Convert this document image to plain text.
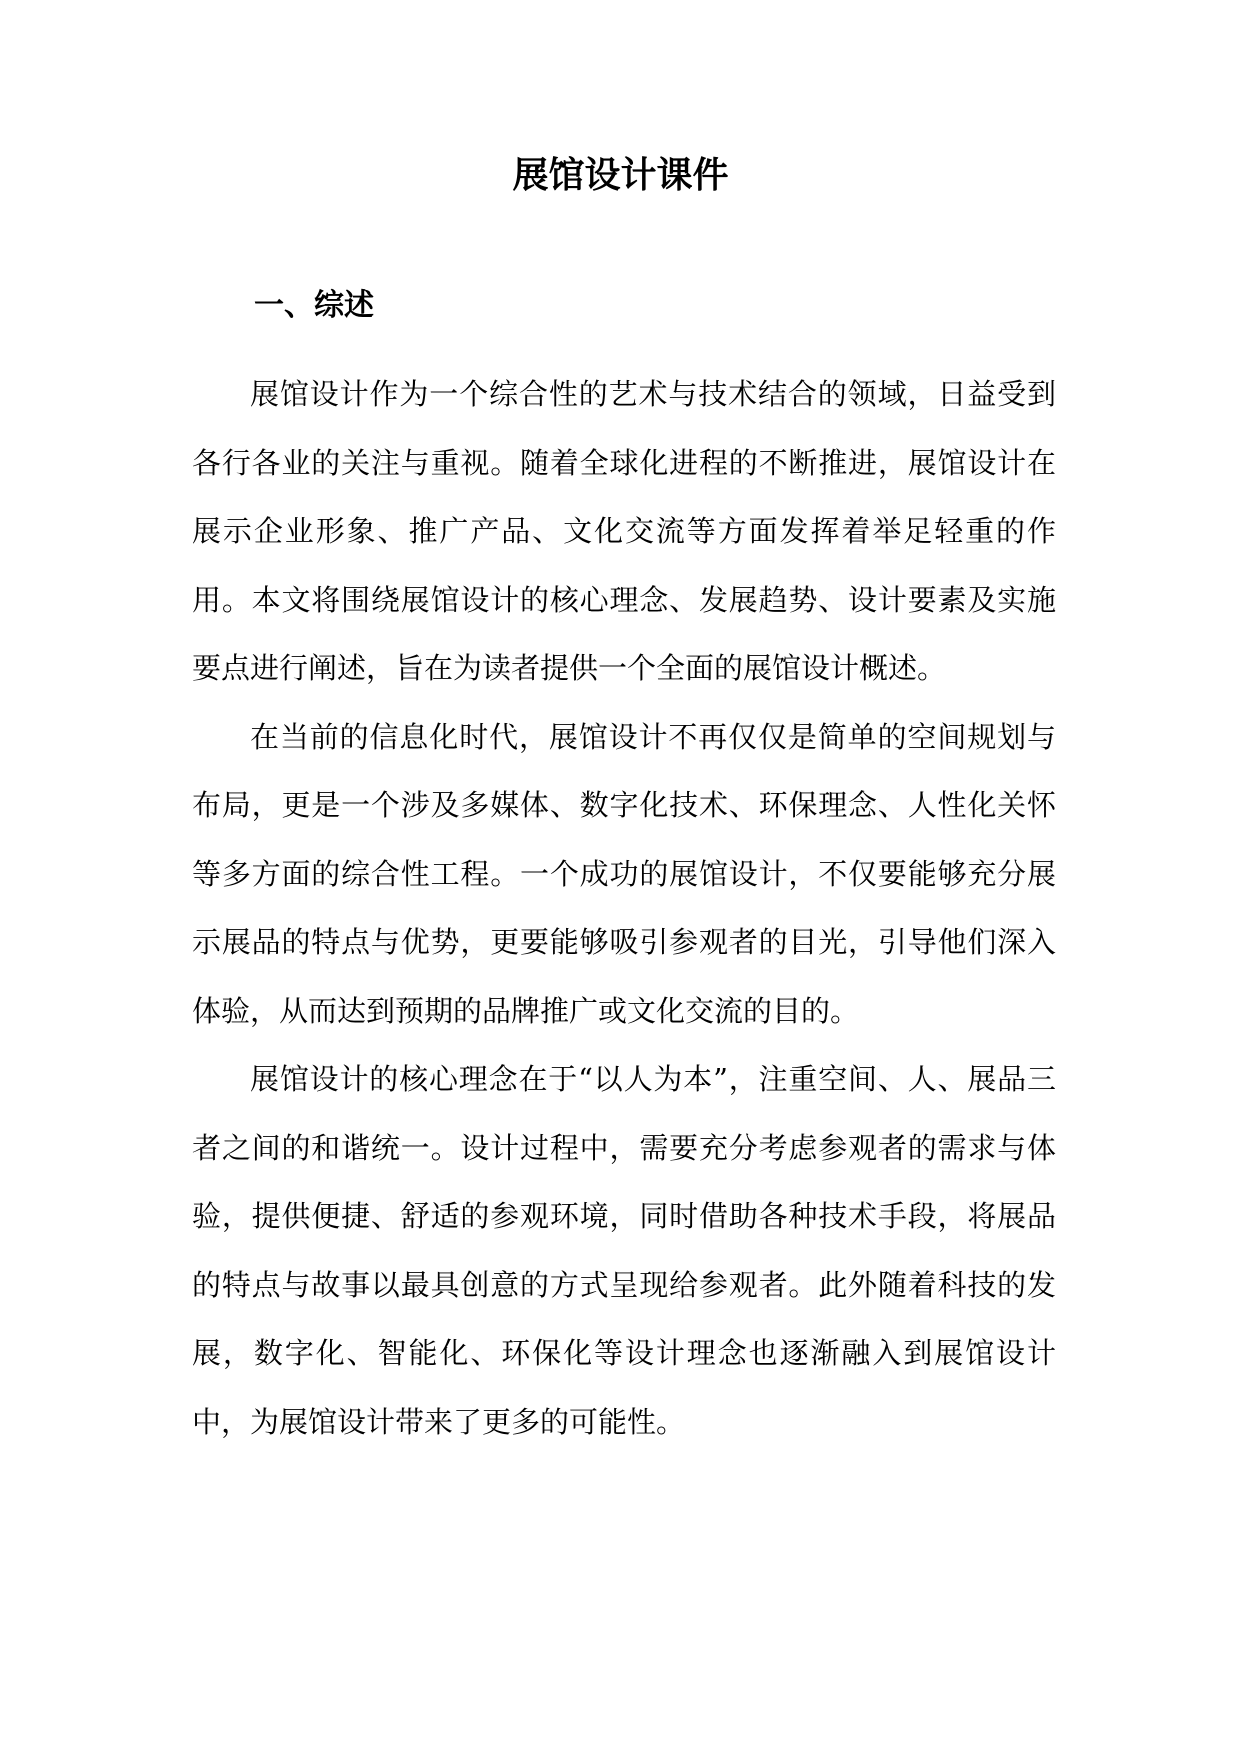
展馆设计课件
一、综述

展馆设计作为一个综合性的艺术与技术结合的领域，日益受到各行各业的关注与重视。随着全球化进程的不断推进，展馆设计在展示企业形象、推广产品、文化交流等方面发挥着举足轻重的作用。本文将围绕展馆设计的核心理念、发展趋势、设计要素及实施要点进行阐述，旨在为读者提供一个全面的展馆设计概述。

在当前的信息化时代，展馆设计不再仅仅是简单的空间规划与布局，更是一个涉及多媒体、数字化技术、环保理念、人性化关怀等多方面的综合性工程。一个成功的展馆设计，不仅要能够充分展示展品的特点与优势，更要能够吸引参观者的目光，引导他们深入体验，从而达到预期的品牌推广或文化交流的目的。

展馆设计的核心理念在于“以人为本”，注重空间、人、展品三者之间的和谐统一。设计过程中，需要充分考虑参观者的需求与体验，提供便捷、舒适的参观环境，同时借助各种技术手段，将展品的特点与故事以最具创意的方式呈现给参观者。此外随着科技的发展，数字化、智能化、环保化等设计理念也逐渐融入到展馆设计中，为展馆设计带来了更多的可能性。
